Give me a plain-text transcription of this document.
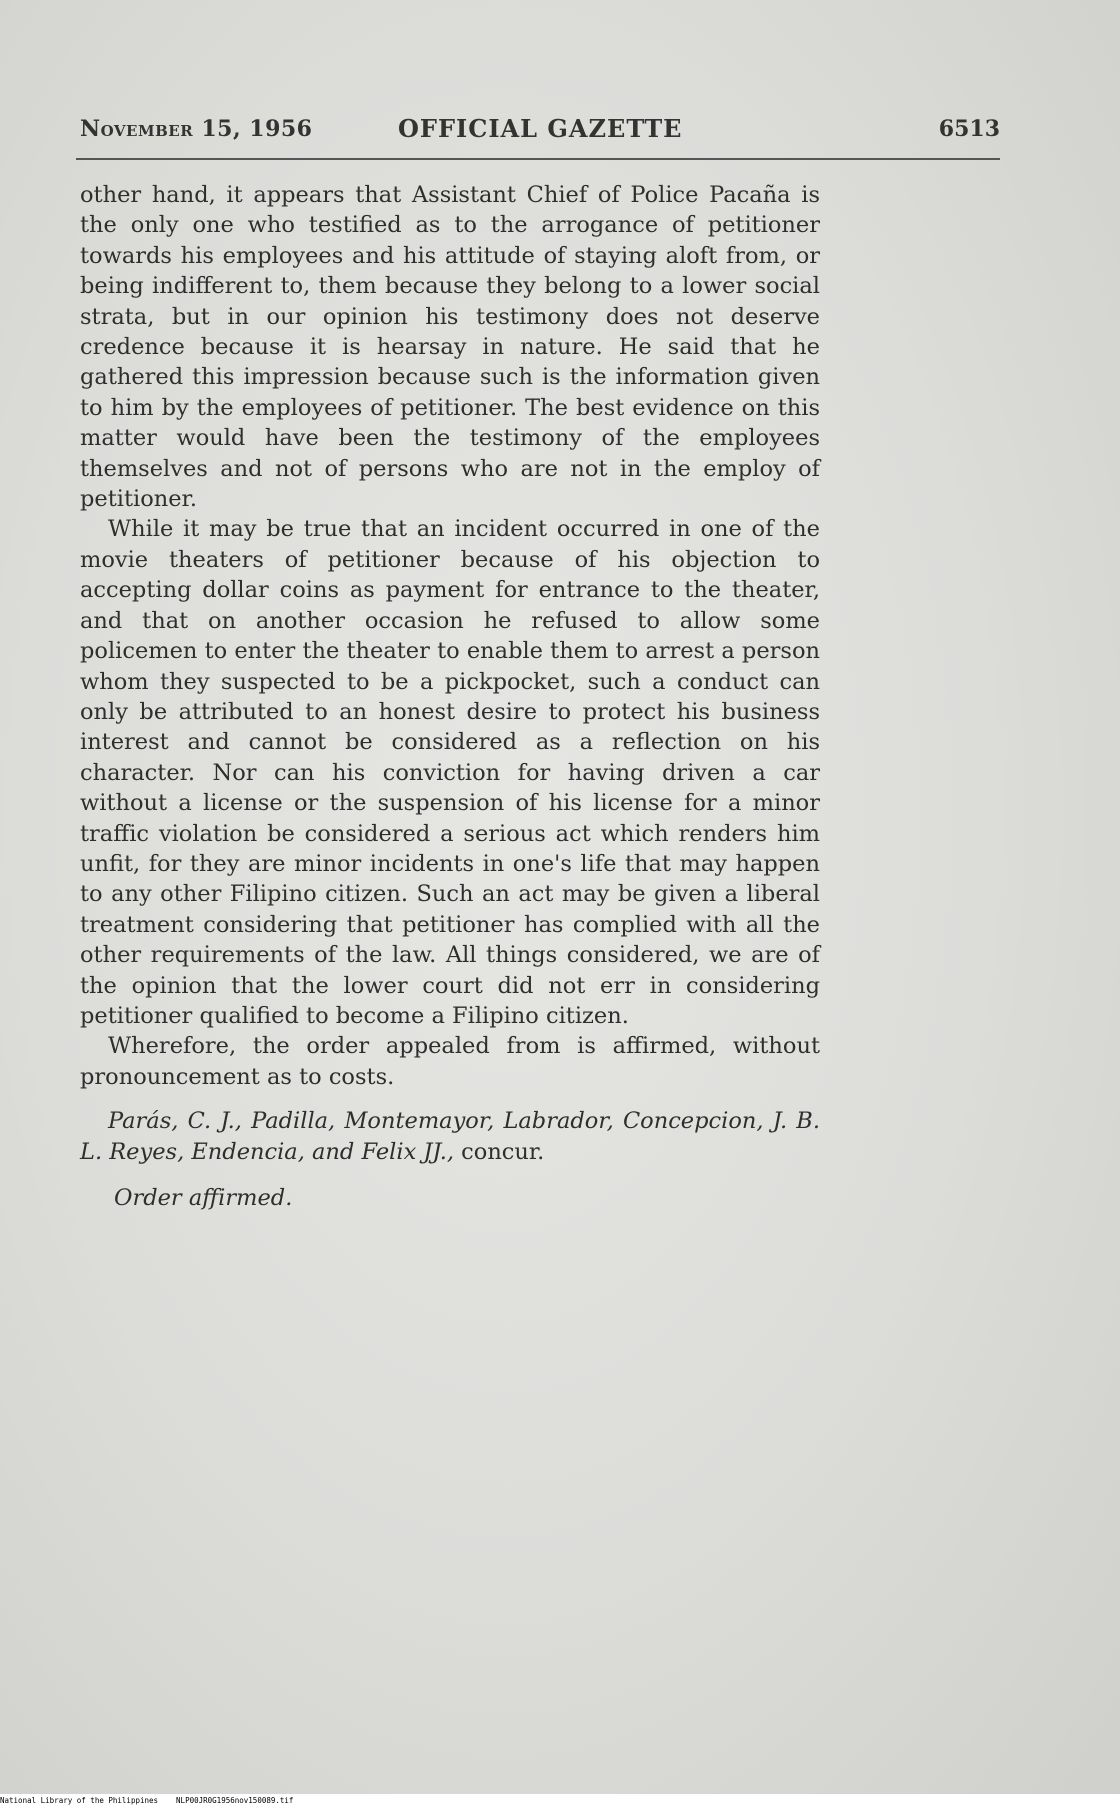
November 15, 1956	OFFICIAL GAZETTE	6513

other hand, it appears that Assistant Chief of Police Pacaña is the only one who testified as to the arrogance of petitioner towards his employees and his attitude of staying aloft from, or being indifferent to, them because they belong to a lower social strata, but in our opinion his testimony does not deserve credence because it is hearsay in nature. He said that he gathered this impression because such is the information given to him by the employees of petitioner. The best evidence on this matter would have been the testimony of the employees themselves and not of persons who are not in the employ of petitioner.

While it may be true that an incident occurred in one of the movie theaters of petitioner because of his objection to accepting dollar coins as payment for entrance to the theater, and that on another occasion he refused to allow some policemen to enter the theater to enable them to arrest a person whom they suspected to be a pickpocket, such a conduct can only be attributed to an honest desire to protect his business interest and cannot be considered as a reflection on his character. Nor can his conviction for having driven a car without a license or the suspension of his license for a minor traffic violation be considered a serious act which renders him unfit, for they are minor incidents in one's life that may happen to any other Filipino citizen. Such an act may be given a liberal treatment considering that petitioner has complied with all the other requirements of the law. All things considered, we are of the opinion that the lower court did not err in considering petitioner qualified to become a Filipino citizen.

Wherefore, the order appealed from is affirmed, without pronouncement as to costs.

Parás, C. J., Padilla, Montemayor, Labrador, Concepcion, J. B. L. Reyes, Endencia, and Felix JJ., concur.

Order affirmed.

National Library of the Philippines NLP00JR0G1956nov150089.tif
